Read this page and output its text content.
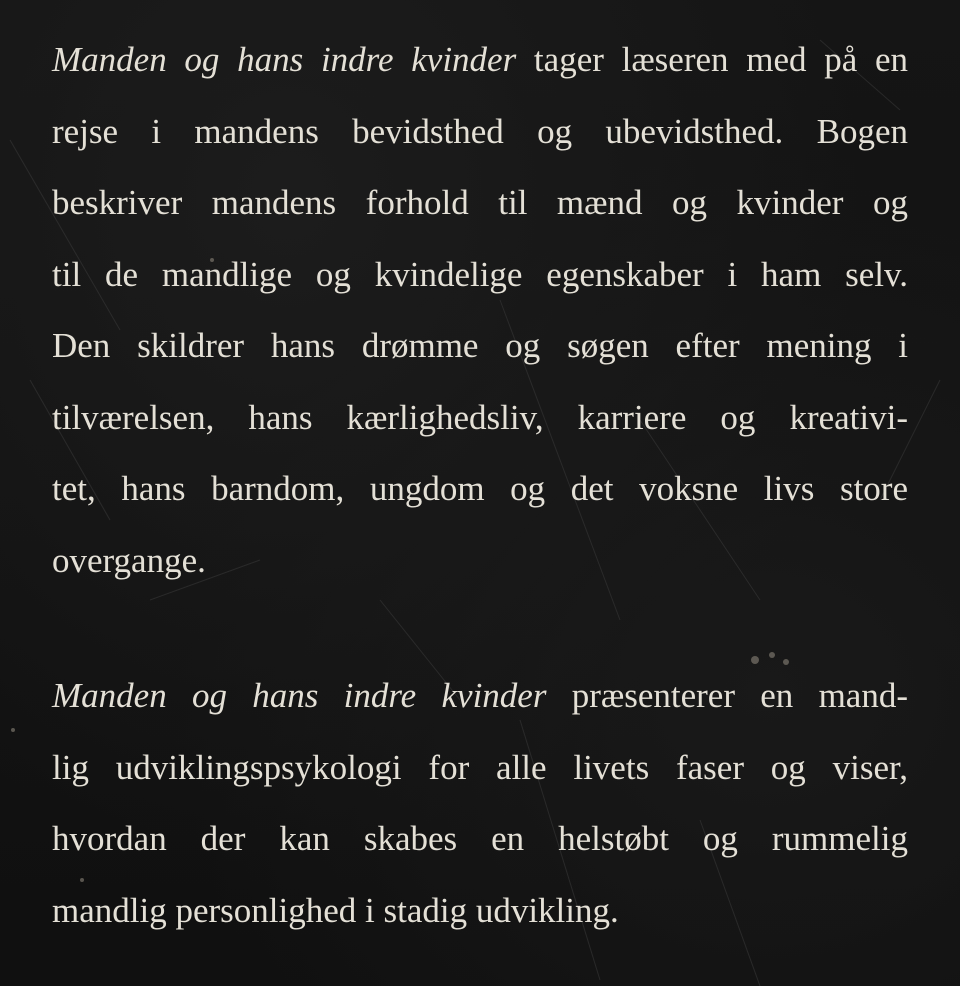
Manden og hans indre kvinder tager læseren med på en
rejse i mandens bevidsthed og ubevidsthed. Bogen
beskriver mandens forhold til mænd og kvinder og
til de mandlige og kvindelige egenskaber i ham selv.
Den skildrer hans drømme og søgen efter mening i
tilværelsen, hans kærlighedsliv, karriere og kreativi-
tet, hans barndom, ungdom og det voksne livs store
overgange.

Manden og hans indre kvinder præsenterer en mand-
lig udviklingspsykologi for alle livets faser og viser,
hvordan der kan skabes en helstøbt og rummelig
mandlig personlighed i stadig udvikling.
